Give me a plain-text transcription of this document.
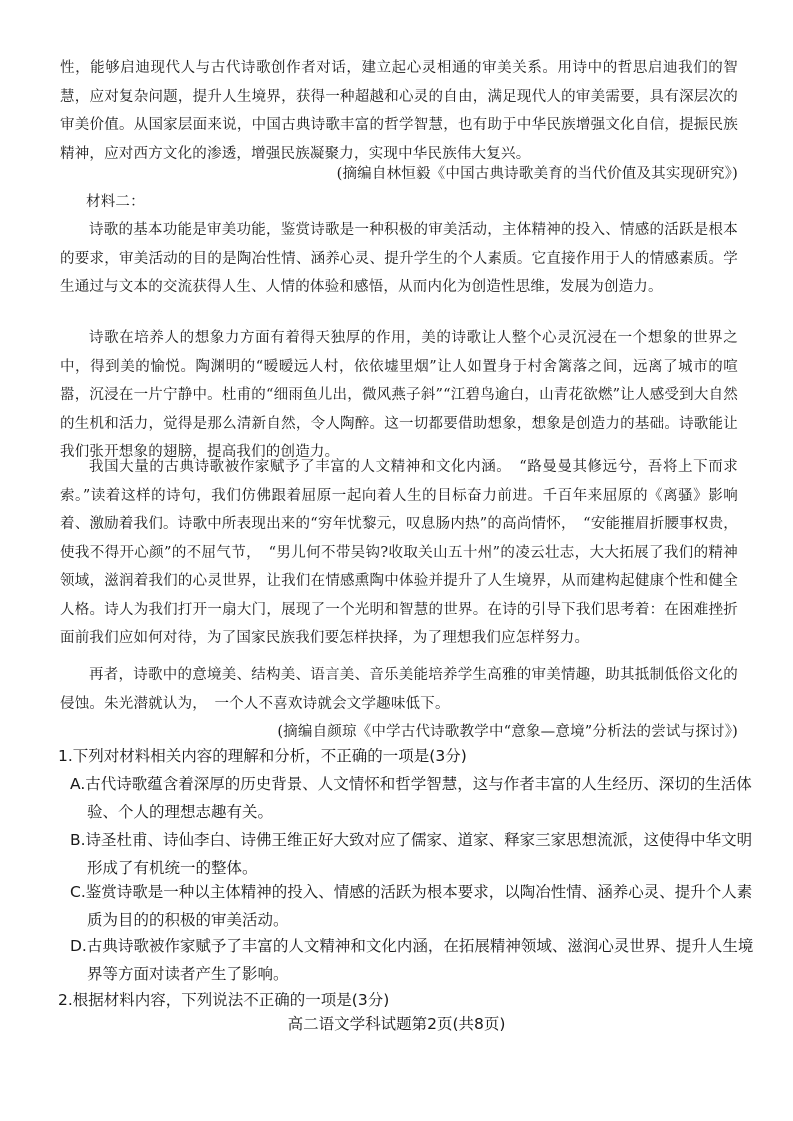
性，能够启迪现代人与古代诗歌创作者对话，建立起心灵相通的审美关系。用诗中的哲思启迪我们的智慧，应对复杂问题，提升人生境界，获得一种超越和心灵的自由，满足现代人的审美需要，具有深层次的审美价值。从国家层面来说，中国古典诗歌丰富的哲学智慧，也有助于中华民族增强文化自信，提振民族精神，应对西方文化的渗透，增强民族凝聚力，实现中华民族伟大复兴。
(摘编自林恒毅《中国古典诗歌美育的当代价值及其实现研究》)
材料二：
诗歌的基本功能是审美功能，鉴赏诗歌是一种积极的审美活动，主体精神的投入、情感的活跃是根本的要求，审美活动的目的是陶冶性情、涵养心灵、提升学生的个人素质。它直接作用于人的情感素质。学生通过与文本的交流获得人生、人情的体验和感悟，从而内化为创造性思维，发展为创造力。
诗歌在培养人的想象力方面有着得天独厚的作用，美的诗歌让人整个心灵沉浸在一个想象的世界之中，得到美的愉悦。陶渊明的“暧暧远人村，依依墟里烟”让人如置身于村舍篱落之间，远离了城市的喧嚣，沉浸在一片宁静中。杜甫的“细雨鱼儿出，微风燕子斜”“江碧鸟逾白，山青花欲燃”让人感受到大自然的生机和活力，觉得是那么清新自然，令人陶醉。这一切都要借助想象，想象是创造力的基础。诗歌能让我们张开想象的翅膀，提高我们的创造力。
我国大量的古典诗歌被作家赋予了丰富的人文精神和文化内涵。　“路曼曼其修远兮，吾将上下而求索。”读着这样的诗句，我们仿佛跟着屈原一起向着人生的目标奋力前进。千百年来屈原的《离骚》影响着、激励着我们。诗歌中所表现出来的“穷年忧黎元，叹息肠内热”的高尚情怀，　“安能摧眉折腰事权贵，使我不得开心颜”的不屈气节，　“男儿何不带吴钩?收取关山五十州”的凌云壮志，大大拓展了我们的精神领域，滋润着我们的心灵世界，让我们在情感熏陶中体验并提升了人生境界，从而建构起健康个性和健全人格。诗人为我们打开一扇大门，展现了一个光明和智慧的世界。在诗的引导下我们思考着：在困难挫折面前我们应如何对待，为了国家民族我们要怎样抉择，为了理想我们应怎样努力。
再者，诗歌中的意境美、结构美、语言美、音乐美能培养学生高雅的审美情趣，助其抵制低俗文化的侵蚀。朱光潜就认为，　一个人不喜欢诗就会文学趣味低下。
(摘编自颜琼《中学古代诗歌教学中“意象—意境”分析法的尝试与探讨》)
1.下列对材料相关内容的理解和分析，不正确的一项是(3分)
A.古代诗歌蕴含着深厚的历史背景、人文情怀和哲学智慧，这与作者丰富的人生经历、深切的生活体验、个人的理想志趣有关。
B.诗圣杜甫、诗仙李白、诗佛王维正好大致对应了儒家、道家、释家三家思想流派，这使得中华文明形成了有机统一的整体。
C.鉴赏诗歌是一种以主体精神的投入、情感的活跃为根本要求，以陶冶性情、涵养心灵、提升个人素质为目的的积极的审美活动。
D.古典诗歌被作家赋予了丰富的人文精神和文化内涵，在拓展精神领域、滋润心灵世界、提升人生境界等方面对读者产生了影响。
2.根据材料内容，下列说法不正确的一项是(3分)
高二语文学科试题第2页(共8页)
